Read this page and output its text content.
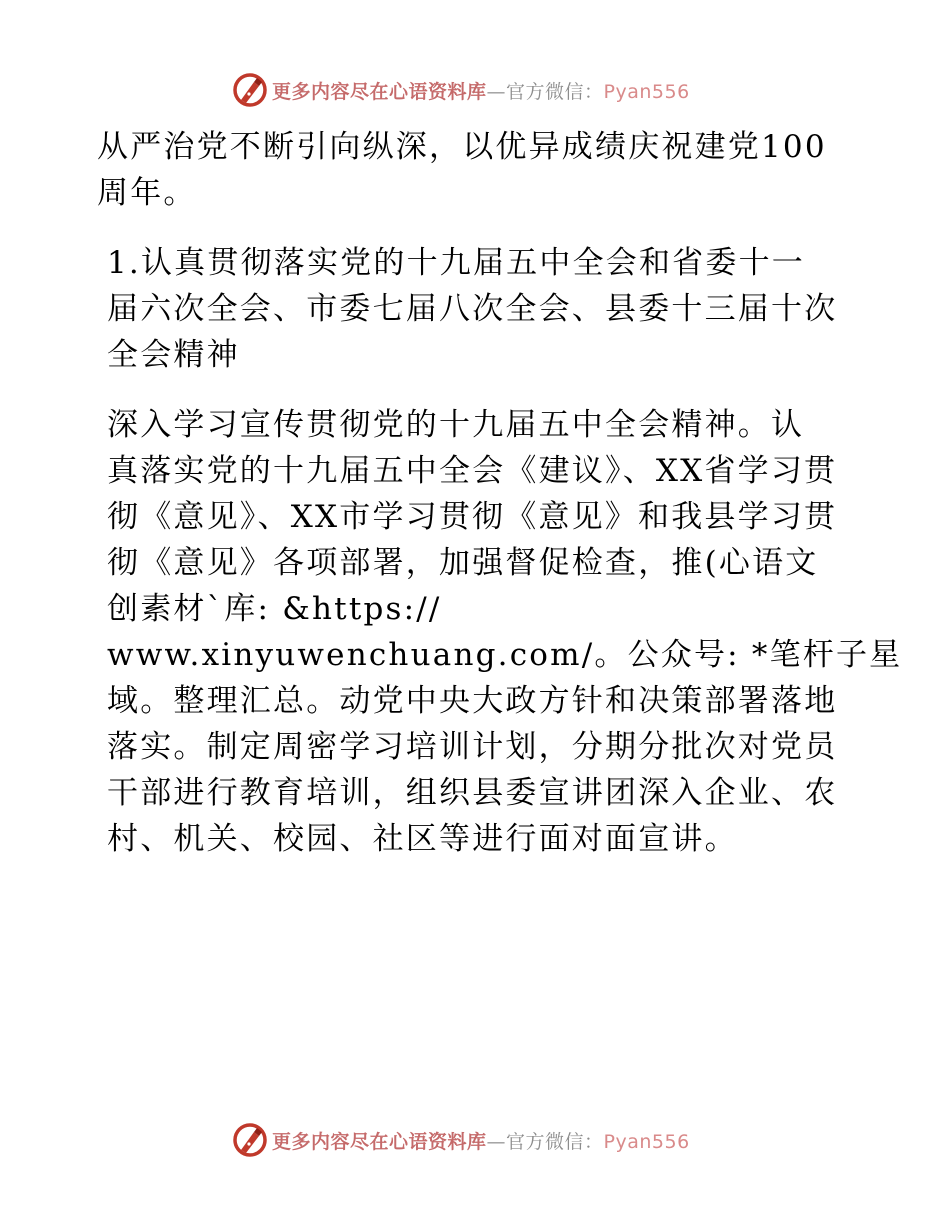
更多内容尽在心语资料库—官方微信：Pyan556

从严治党不断引向纵深，以优异成绩庆祝建党100
周年。

1.认真贯彻落实党的十九届五中全会和省委十一
届六次全会、市委七届八次全会、县委十三届十次
全会精神

深入学习宣传贯彻党的十九届五中全会精神。认
真落实党的十九届五中全会《建议》、XX省学习贯
彻《意见》、XX市学习贯彻《意见》和我县学习贯
彻《意见》各项部署，加强督促检查，推(心语文
创素材`库: &https://
www.xinyuwenchuang.com/。公众号: *笔杆子星
域。整理汇总。动党中央大政方针和决策部署落地
落实。制定周密学习培训计划，分期分批次对党员
干部进行教育培训，组织县委宣讲团深入企业、农
村、机关、校园、社区等进行面对面宣讲。

更多内容尽在心语资料库—官方微信：Pyan556
